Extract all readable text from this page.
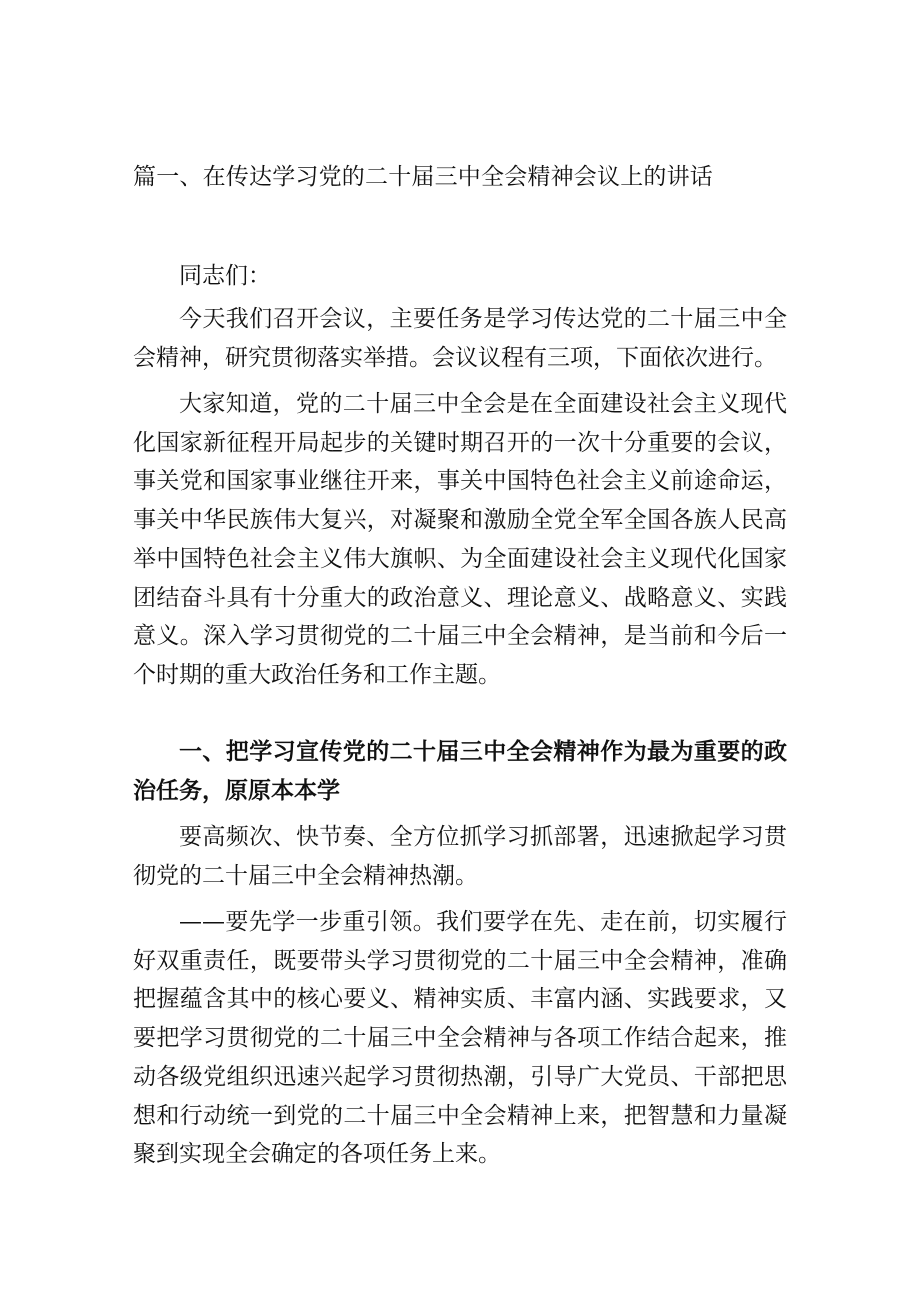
篇一、在传达学习党的二十届三中全会精神会议上的讲话

同志们：

今天我们召开会议，主要任务是学习传达党的二十届三中全会精神，研究贯彻落实举措。会议议程有三项，下面依次进行。

大家知道，党的二十届三中全会是在全面建设社会主义现代化国家新征程开局起步的关键时期召开的一次十分重要的会议，事关党和国家事业继往开来，事关中国特色社会主义前途命运，事关中华民族伟大复兴，对凝聚和激励全党全军全国各族人民高举中国特色社会主义伟大旗帜、为全面建设社会主义现代化国家团结奋斗具有十分重大的政治意义、理论意义、战略意义、实践意义。深入学习贯彻党的二十届三中全会精神，是当前和今后一个时期的重大政治任务和工作主题。

一、把学习宣传党的二十届三中全会精神作为最为重要的政治任务，原原本本学

要高频次、快节奏、全方位抓学习抓部署，迅速掀起学习贯彻党的二十届三中全会精神热潮。

——要先学一步重引领。我们要学在先、走在前，切实履行好双重责任，既要带头学习贯彻党的二十届三中全会精神，准确把握蕴含其中的核心要义、精神实质、丰富内涵、实践要求，又要把学习贯彻党的二十届三中全会精神与各项工作结合起来，推动各级党组织迅速兴起学习贯彻热潮，引导广大党员、干部把思想和行动统一到党的二十届三中全会精神上来，把智慧和力量凝聚到实现全会确定的各项任务上来。
